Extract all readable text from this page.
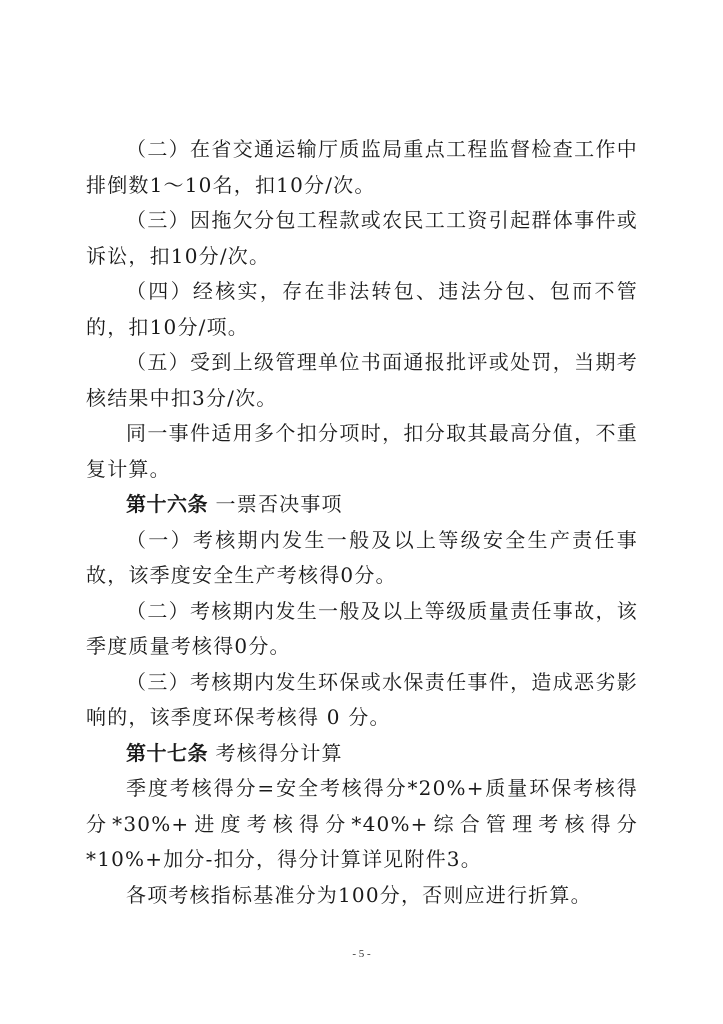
（二）在省交通运输厅质监局重点工程监督检查工作中排倒数1～10名，扣10分/次。

（三）因拖欠分包工程款或农民工工资引起群体事件或诉讼，扣10分/次。

（四）经核实，存在非法转包、违法分包、包而不管的，扣10分/项。

（五）受到上级管理单位书面通报批评或处罚，当期考核结果中扣3分/次。

同一事件适用多个扣分项时，扣分取其最高分值，不重复计算。

第十六条 一票否决事项

（一）考核期内发生一般及以上等级安全生产责任事故，该季度安全生产考核得0分。

（二）考核期内发生一般及以上等级质量责任事故，该季度质量考核得0分。

（三）考核期内发生环保或水保责任事件，造成恶劣影响的，该季度环保考核得 0 分。

第十七条 考核得分计算

季度考核得分=安全考核得分*20%+质量环保考核得分*30%+进度考核得分*40%+综合管理考核得分*10%+加分-扣分，得分计算详见附件3。

各项考核指标基准分为100分，否则应进行折算。

- 5 -
